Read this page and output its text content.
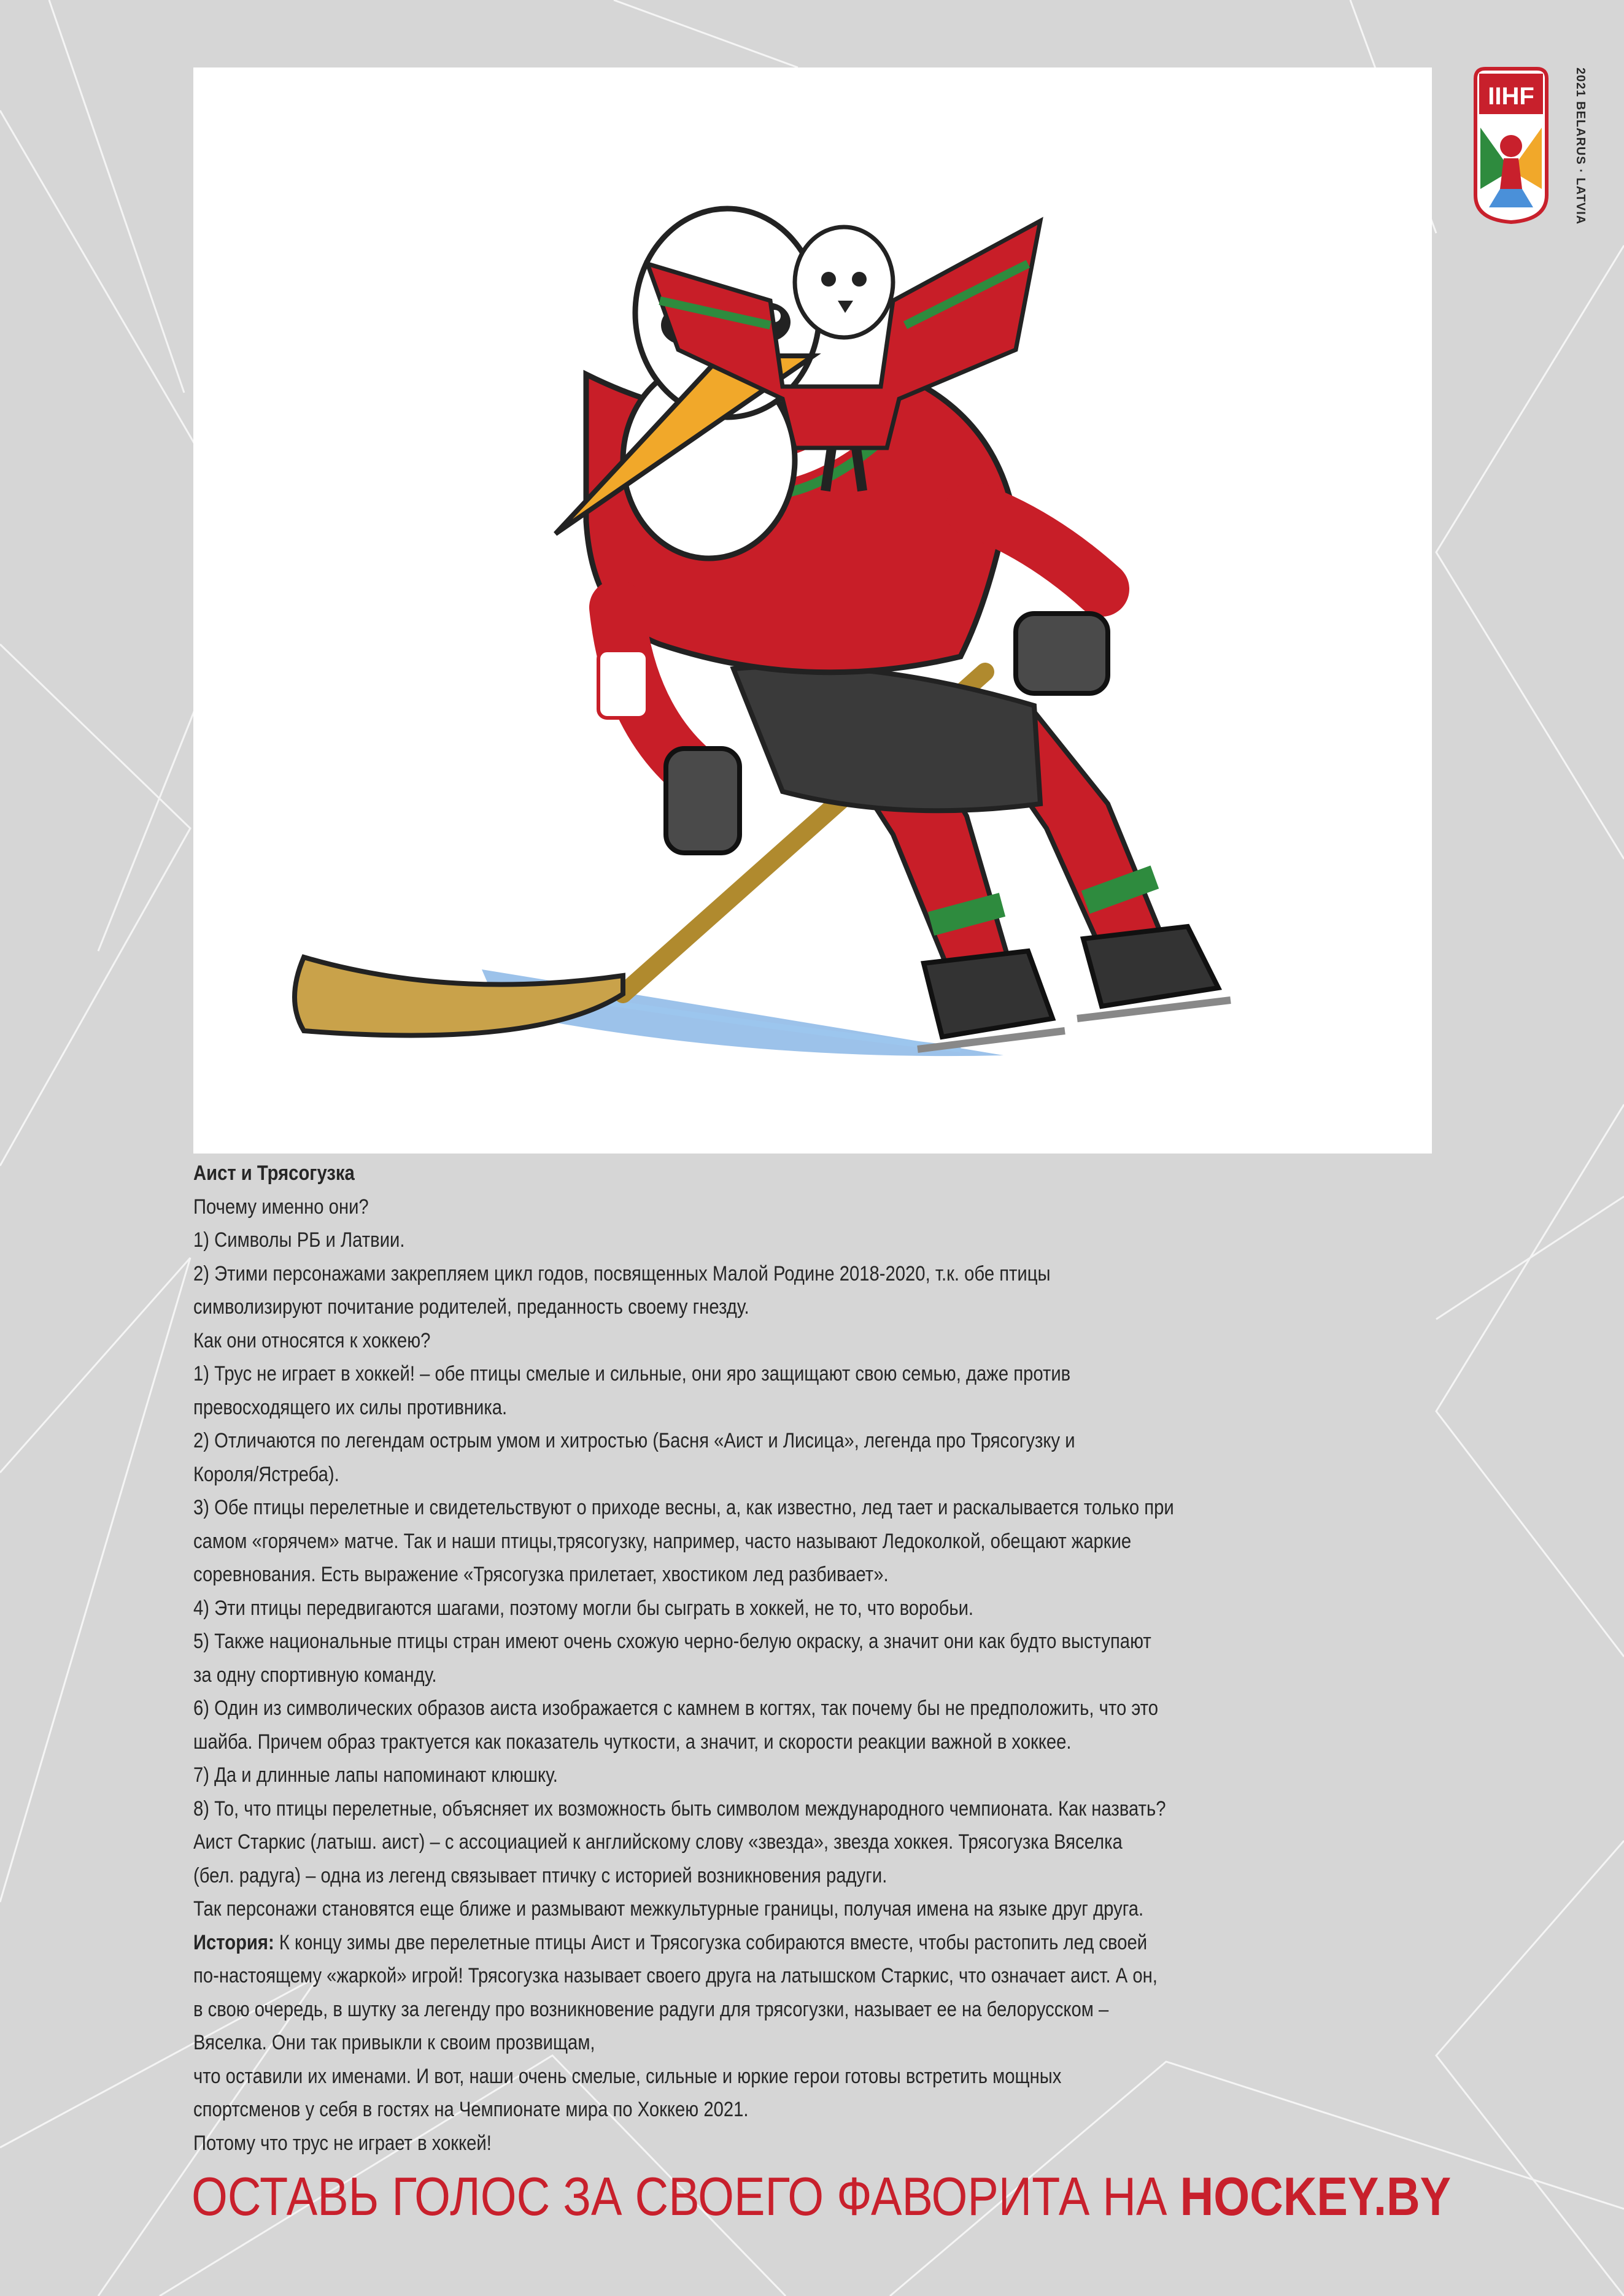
IIHF	2021 BELARUS · LATVIA

Аист и Трясогузка

Почему именно они?

1) Символы РБ и Латвии.

2) Этими персонажами закрепляем цикл годов, посвященных Малой Родине 2018-2020, т.к. обе птицы

символизируют почитание родителей, преданность своему гнезду.

Как они относятся к хоккею?

1) Трус не играет в хоккей! – обе птицы смелые и сильные, они яро защищают свою семью, даже против

превосходящего их силы противника.

2) Отличаются по легендам острым умом и хитростью (Басня «Аист и Лисица», легенда про Трясогузку и

Короля/Ястреба).

3) Обе птицы перелетные и свидетельствуют о приходе весны, а, как известно, лед тает и раскалывается только при

самом «горячем» матче. Так и наши птицы,трясогузку, например, часто называют Ледоколкой, обещают жаркие

соревнования. Есть выражение «Трясогузка прилетает, хвостиком лед разбивает».

4) Эти птицы передвигаются шагами, поэтому могли бы сыграть в хоккей, не то, что воробьи.

5) Также национальные птицы стран имеют очень схожую черно-белую окраску, а значит они как будто выступают

за одну спортивную команду.

6) Один из символических образов аиста изображается с камнем в когтях, так почему бы не предположить, что это

шайба. Причем образ трактуется как показатель чуткости, а значит, и скорости реакции важной в хоккее.

7) Да и длинные лапы напоминают клюшку.

8) То, что птицы перелетные, объясняет их возможность быть символом международного чемпионата. Как назвать?

Аист Старкис (латыш. аист) – с ассоциацией к английскому слову «звезда», звезда хоккея. Трясогузка Вяселка

(бел. радуга) – одна из легенд связывает птичку с историей возникновения радуги.

Так персонажи становятся еще ближе и размывают межкультурные границы, получая имена на языке друг друга.

История: К концу зимы две перелетные птицы Аист и Трясогузка собираются вместе, чтобы растопить лед своей

по-настоящему «жаркой» игрой! Трясогузка называет своего друга на латышском Старкис, что означает аист. А он,

в свою очередь, в шутку за легенду про возникновение радуги для трясогузки, называет ее на белорусском –

Вяселка. Они так привыкли к своим прозвищам,

что оставили их именами. И вот, наши очень смелые, сильные и юркие герои готовы встретить мощных

спортсменов у себя в гостях на Чемпионате мира по Хоккею 2021.

Потому что трус не играет в хоккей!

ОСТАВЬ ГОЛОС ЗА СВОЕГО ФАВОРИТА НА HOCKEY.BY
